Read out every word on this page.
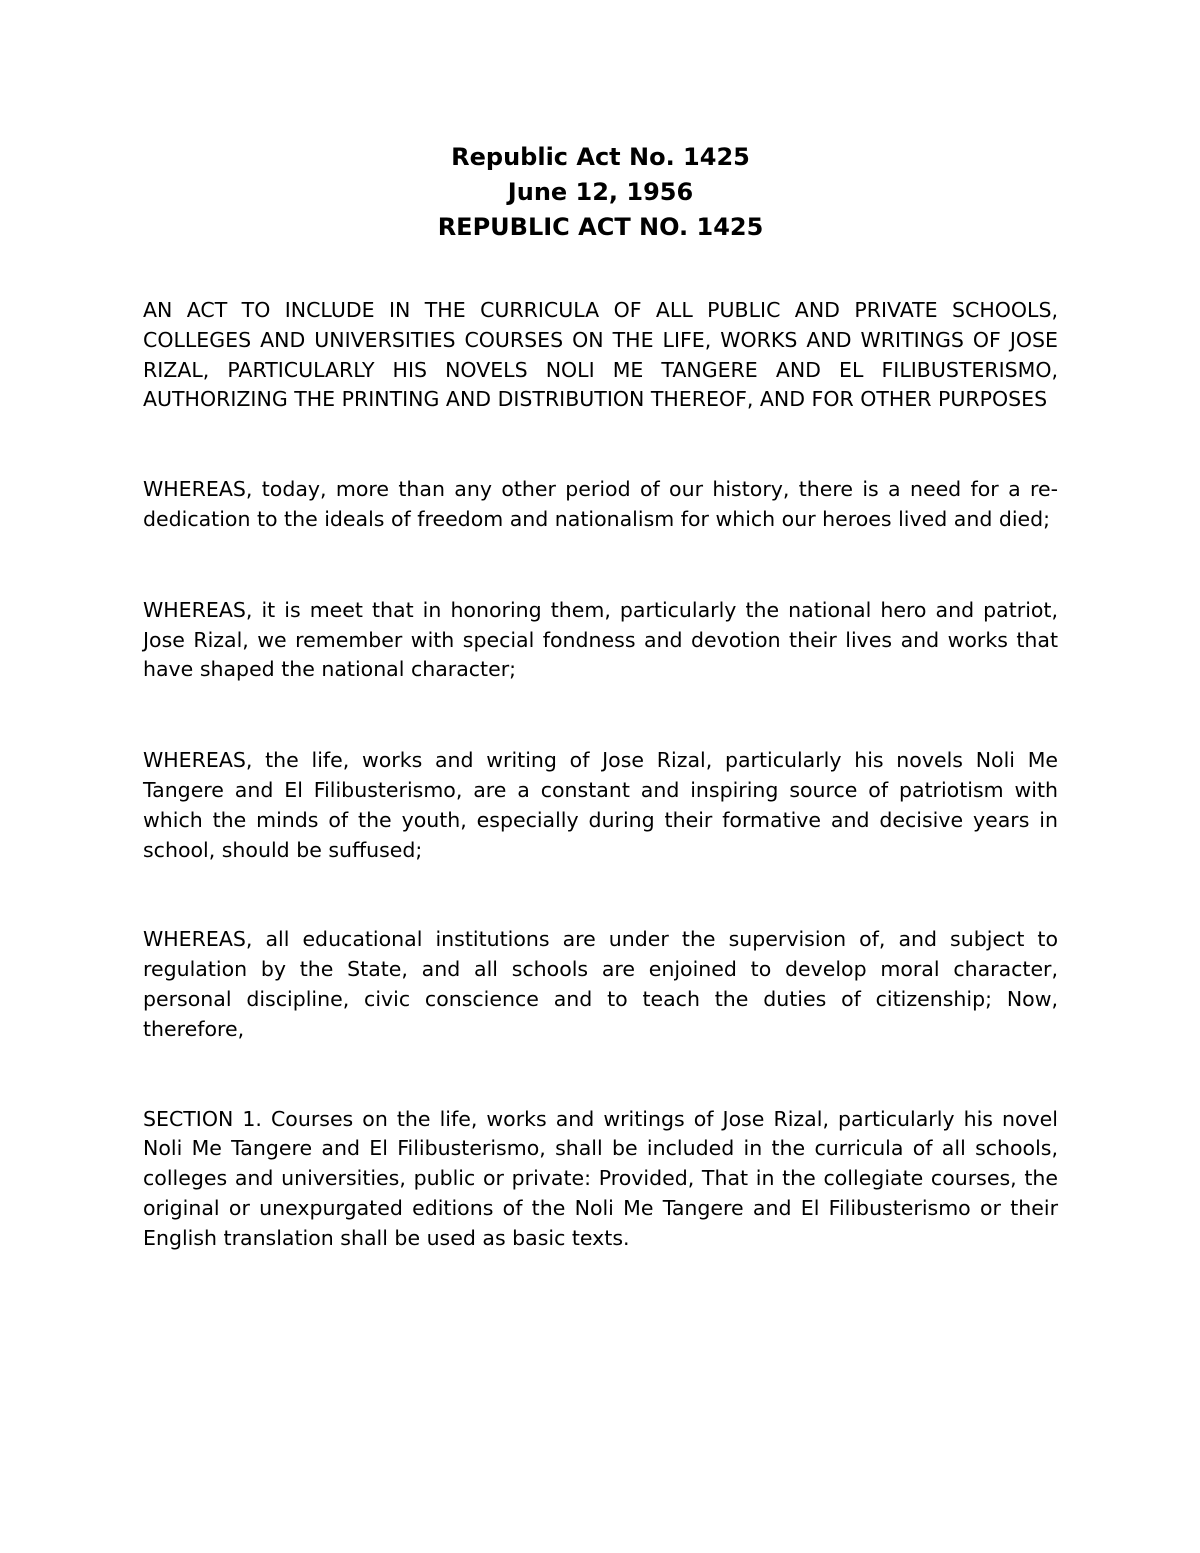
Republic Act No. 1425

June 12, 1956

REPUBLIC ACT NO. 1425

AN ACT TO INCLUDE IN THE CURRICULA OF ALL PUBLIC AND PRIVATE SCHOOLS, COLLEGES AND UNIVERSITIES COURSES ON THE LIFE, WORKS AND WRITINGS OF JOSE RIZAL, PARTICULARLY HIS NOVELS NOLI ME TANGERE AND EL FILIBUSTERISMO, AUTHORIZING THE PRINTING AND DISTRIBUTION THEREOF, AND FOR OTHER PURPOSES

WHEREAS, today, more than any other period of our history, there is a need for a re-dedication to the ideals of freedom and nationalism for which our heroes lived and died;

WHEREAS, it is meet that in honoring them, particularly the national hero and patriot, Jose Rizal, we remember with special fondness and devotion their lives and works that have shaped the national character;

WHEREAS, the life, works and writing of Jose Rizal, particularly his novels Noli Me Tangere and El Filibusterismo, are a constant and inspiring source of patriotism with which the minds of the youth, especially during their formative and decisive years in school, should be suffused;

WHEREAS, all educational institutions are under the supervision of, and subject to regulation by the State, and all schools are enjoined to develop moral character, personal discipline, civic conscience and to teach the duties of citizenship; Now, therefore,

SECTION 1. Courses on the life, works and writings of Jose Rizal, particularly his novel Noli Me Tangere and El Filibusterismo, shall be included in the curricula of all schools, colleges and universities, public or private: Provided, That in the collegiate courses, the original or unexpurgated editions of the Noli Me Tangere and El Filibusterismo or their English translation shall be used as basic texts.
